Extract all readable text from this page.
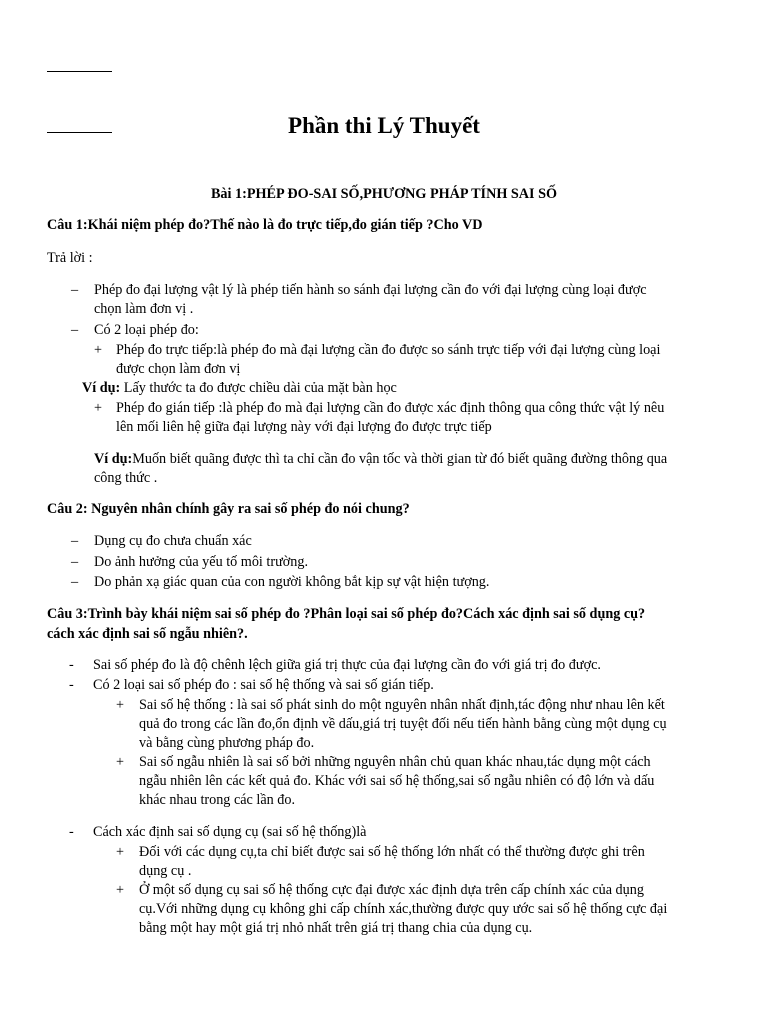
Phần thi Lý Thuyết
Bài 1:PHÉP ĐO-SAI SỐ,PHƯƠNG PHÁP TÍNH SAI SỐ
Câu 1:Khái niệm phép đo?Thế nào là đo trực tiếp,đo gián tiếp ?Cho VD
Trả lời :
– Phép đo đại lượng vật lý là phép tiến hành so sánh đại lượng cần đo với đại lượng cùng loại được
chọn làm đơn vị .
– Có 2 loại phép đo:
+ Phép đo trực tiếp:là phép đo mà đại lượng cần đo được so sánh trực tiếp với đại lượng cùng loại
được chọn làm đơn vị
Ví dụ: Lấy thước ta đo được chiều dài của mặt bàn học
+ Phép đo gián tiếp :là phép đo mà đại lượng cần đo được xác định thông qua công thức vật lý nêu
lên mối liên hệ giữa đại lượng này với đại lượng đo được trực tiếp
Ví dụ:Muốn biết quãng được thì ta chỉ cần đo vận tốc và thời gian từ đó biết quãng đường thông qua
công thức .
Câu 2: Nguyên nhân chính gây ra sai số phép đo nói chung?
– Dụng cụ đo chưa chuẩn xác
– Do ảnh hưởng của yếu tố môi trường.
– Do phản xạ giác quan của con người không bắt kịp sự vật hiện tượng.
Câu 3:Trình bày khái niệm sai số phép đo ?Phân loại sai số phép đo?Cách xác định sai số dụng cụ?
cách xác định sai số ngẫu nhiên?.
- Sai số phép đo là độ chênh lệch giữa giá trị thực của đại lượng cần đo với giá trị đo được.
- Có 2 loại sai số phép đo : sai số hệ thống và sai số gián tiếp.
+ Sai số hệ thống : là sai số phát sinh do một nguyên nhân nhất định,tác động như nhau lên kết
quả đo trong các lần đo,ổn định về dấu,giá trị tuyệt đối nếu tiến hành bằng cùng một dụng cụ
và bằng cùng phương pháp đo.
+ Sai số ngẫu nhiên là sai số bởi những nguyên nhân chủ quan khác nhau,tác dụng một cách
ngẫu nhiên lên các kết quả đo. Khác với sai số hệ thống,sai số ngẫu nhiên có độ lớn và dấu
khác nhau trong các lần đo.
- Cách xác định sai số dụng cụ (sai số hệ thống)là
+ Đối với các dụng cụ,ta chỉ biết được sai số hệ thống lớn nhất có thể thường được ghi trên
dụng cụ .
+ Ở một số dụng cụ sai số hệ thống cực đại được xác định dựa trên cấp chính xác của dụng
cụ.Với những dụng cụ không ghi cấp chính xác,thường được quy ước sai số hệ thống cực đại
bằng một hay một giá trị nhỏ nhất trên giá trị thang chia của dụng cụ.
